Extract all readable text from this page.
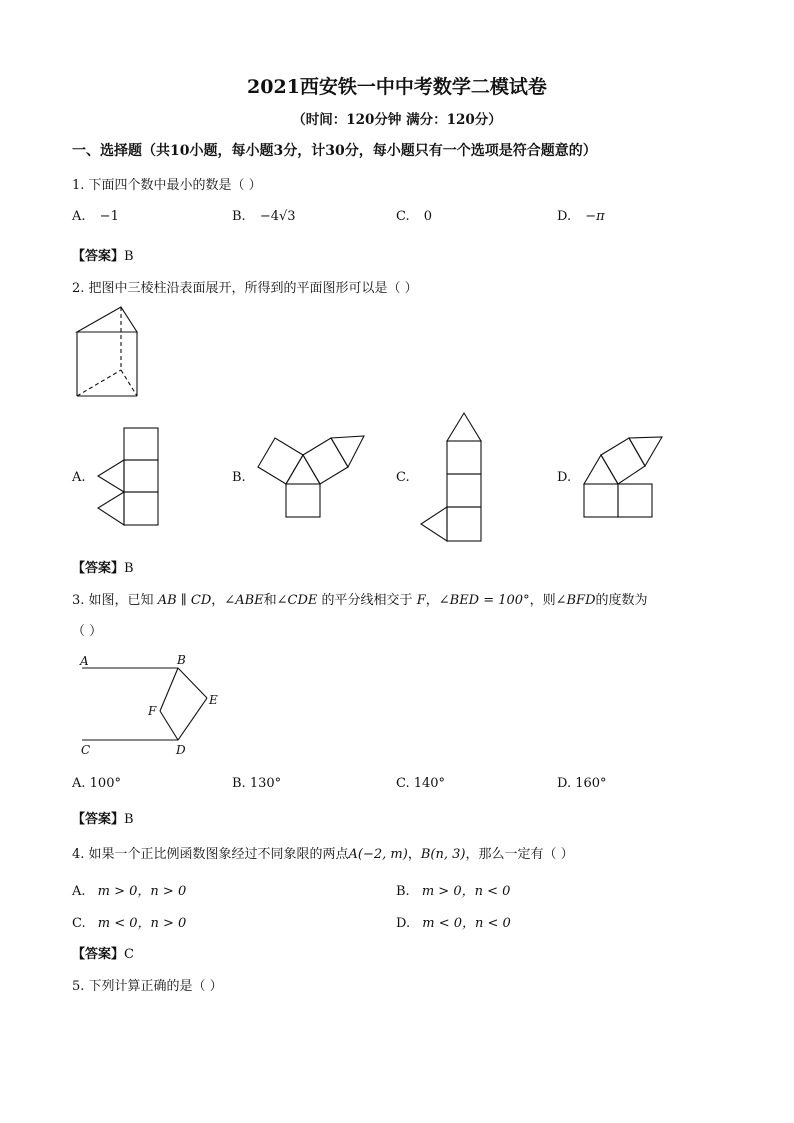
2021西安铁一中中考数学二模试卷
（时间：120分钟 满分：120分）
一、选择题（共10小题，每小题3分，计30分，每小题只有一个选项是符合题意的）
1. 下面四个数中最小的数是（ ）
A. −1	B. −4√3	C. 0	D. −π
【答案】B
2. 把图中三棱柱沿表面展开，所得到的平面图形可以是（ ）
A	B
C	D
E
F
A.	B.	C.	D.
【答案】B
3. 如图，已知 AB ∥ CD，∠ABE和∠CDE 的平分线相交于 F，∠BED = 100°，则∠BFD的度数为
（ ）
A. 100°	B. 130°	C. 140°	D. 160°
【答案】B
4. 如果一个正比例函数图象经过不同象限的两点A(−2, m)，B(n, 3)，那么一定有（ ）
A. m > 0，n > 0	B. m > 0，n < 0
C. m < 0，n > 0	D. m < 0，n < 0
【答案】C
5. 下列计算正确的是（ ）
